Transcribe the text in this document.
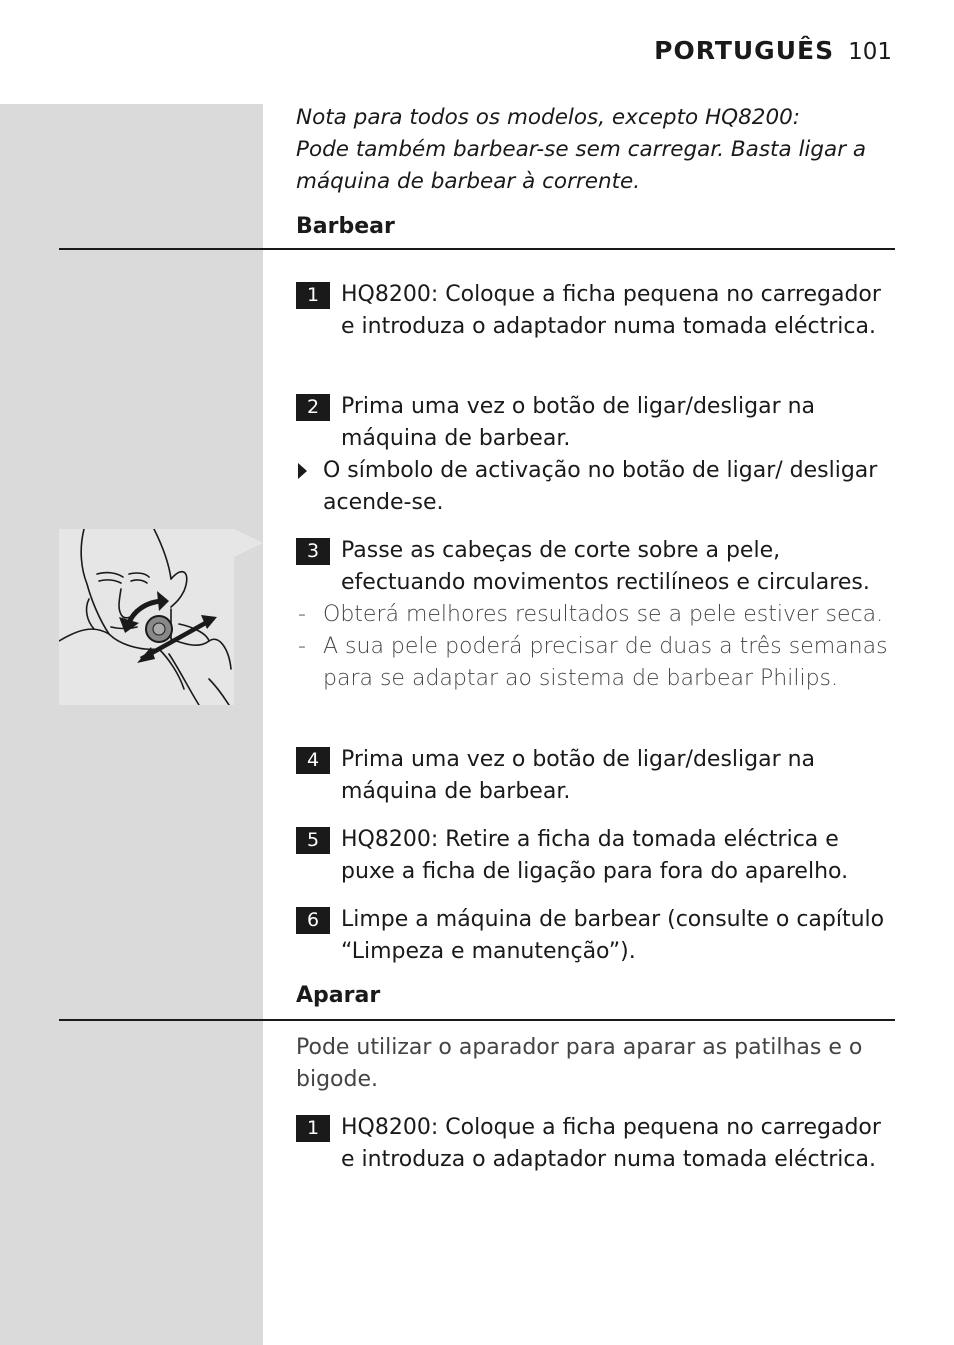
PORTUGUÊS 101
Nota para todos os modelos, excepto HQ8200:
Pode também barbear-se sem carregar. Basta ligar a
máquina de barbear à corrente.
Barbear
1 HQ8200: Coloque a ficha pequena no carregador e introduza o adaptador numa tomada eléctrica.
2 Prima uma vez o botão de ligar/desligar na máquina de barbear.
O símbolo de activação no botão de ligar/ desligar acende-se.
3 Passe as cabeças de corte sobre a pele, efectuando movimentos rectilíneos e circulares.
- Obterá melhores resultados se a pele estiver seca.
- A sua pele poderá precisar de duas a três semanas para se adaptar ao sistema de barbear Philips.
4 Prima uma vez o botão de ligar/desligar na máquina de barbear.
5 HQ8200: Retire a ficha da tomada eléctrica e puxe a ficha de ligação para fora do aparelho.
6 Limpe a máquina de barbear (consulte o capítulo “Limpeza e manutenção”).
Aparar
Pode utilizar o aparador para aparar as patilhas e o bigode.
1 HQ8200: Coloque a ficha pequena no carregador e introduza o adaptador numa tomada eléctrica.
